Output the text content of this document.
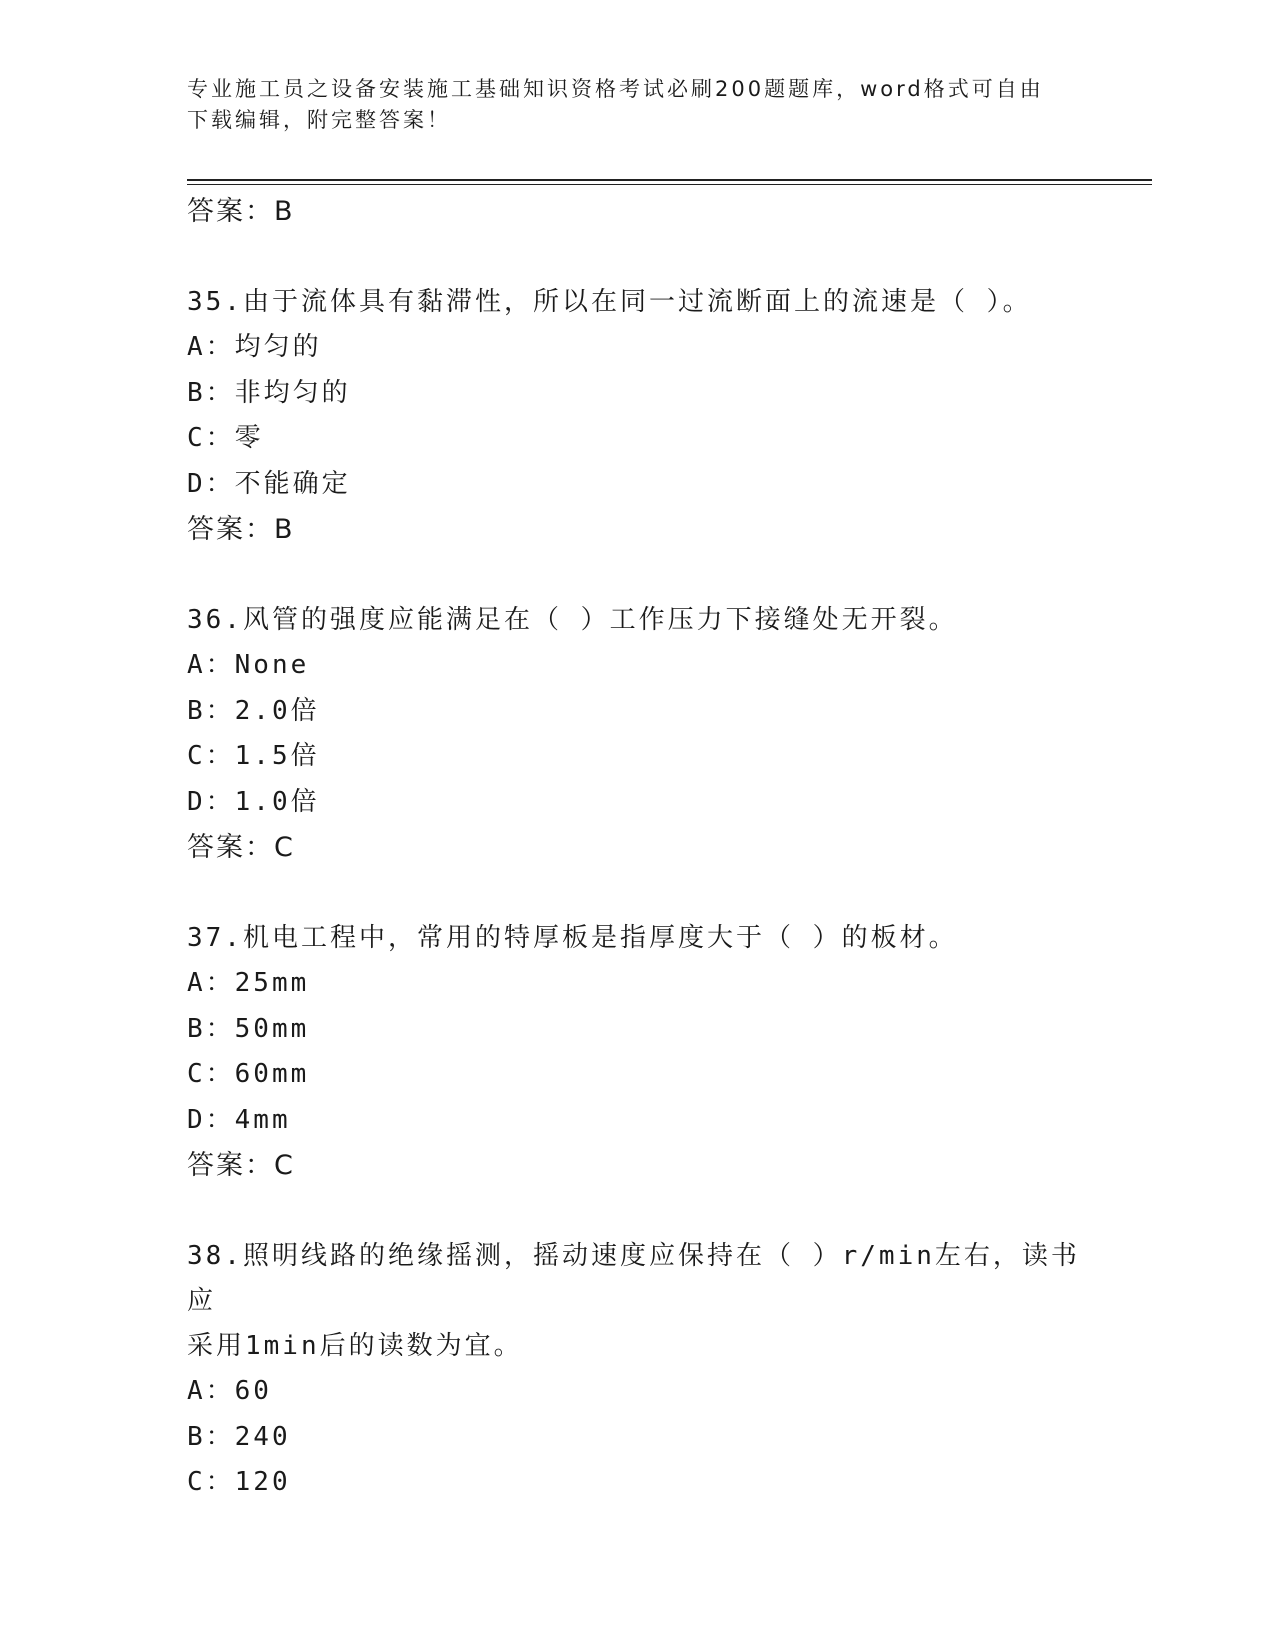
专业施工员之设备安装施工基础知识资格考试必刷200题题库，word格式可自由
下载编辑，附完整答案！
答案：B
35.由于流体具有黏滞性，所以在同一过流断面上的流速是（ ）。
A：均匀的
B：非均匀的
C：零
D：不能确定
答案：B
36.风管的强度应能满足在（ ）工作压力下接缝处无开裂。
A：None
B：2.0倍
C：1.5倍
D：1.0倍
答案：C
37.机电工程中，常用的特厚板是指厚度大于（ ）的板材。
A：25mm
B：50mm
C：60mm
D：4mm
答案：C
38.照明线路的绝缘摇测，摇动速度应保持在（ ）r/min左右，读书应
采用1min后的读数为宜。
A：60
B：240
C：120
